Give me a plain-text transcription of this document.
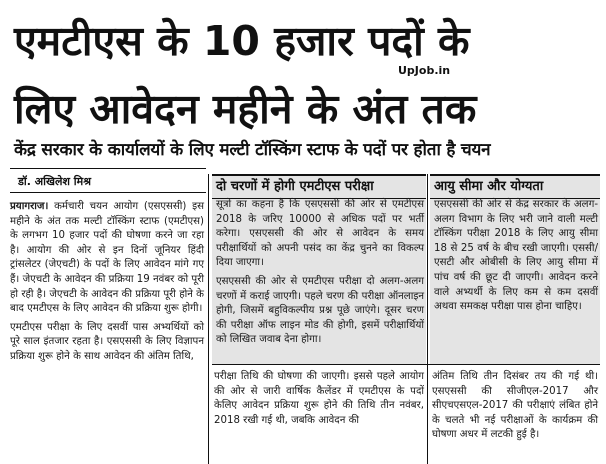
एमटीएस के 10 हजार पदों के
UpJob.in
लिए आवेदन महीने के अंत तक
केंद्र सरकार के कार्यालयों के लिए मल्टी टॉस्किंग स्टाफ के पदों पर होता है चयन
डॉ. अखिलेश मिश्र

प्रयागराज। कर्मचारी चयन आयोग (एसएससी) इस महीने के अंत तक मल्टी टॉस्किंग स्टाफ (एमटीएस) के लगभग 10 हजार पदों की घोषणा करने जा रहा है। आयोग की ओर से इन दिनों जूनियर हिंदी ट्रांसलेटर (जेएचटी) के पदों के लिए आवेदन मांगे गए हैं। जेएचटी के आवेदन की प्रक्रिया 19 नवंबर को पूरी हो रही है। जेएचटी के आवेदन की प्रक्रिया पूरी होने के बाद एमटीएस के लिए आवेदन की प्रक्रिया शुरू होगी।

एमटीएस परीक्षा के लिए दसवीं पास अभ्यर्थियों को पूरे साल इंतजार रहता है। एसएससी के लिए विज्ञापन प्रक्रिया शुरू होने के साथ आवेदन की अंतिम तिथि,

दो चरणों में होगी एमटीएस परीक्षा

सूत्रों का कहना है कि एसएससी की ओर से एमटीएस 2018 के जरिए 10000 से अधिक पदों पर भर्ती करेगा। एसएससी की ओर से आवेदन के समय परीक्षार्थियों को अपनी पसंद का केंद्र चुनने का विकल्प दिया जाएगा।

एसएससी की ओर से एमटीएस परीक्षा दो अलग-अलग चरणों में कराई जाएगी। पहले चरण की परीक्षा ऑनलाइन होगी, जिसमें बहुविकल्पीय प्रश्न पूछे जाएंगे। दूसर चरण की परीक्षा ऑफ लाइन मोड की होगी, इसमें परीक्षार्थियों को लिखित जवाब देना होगा।

आयु सीमा और योग्यता

एसएससी की ओर से केंद्र सरकार के अलग-अलग विभाग के लिए भरी जाने वाली मल्टी टॉस्किंग परीक्षा 2018 के लिए आयु सीमा 18 से 25 वर्ष के बीच रखी जाएगी। एससी/एसटी और ओबीसी के लिए आयु सीमा में पांच वर्ष की छूट दी जाएगी। आवेदन करने वाले अभ्यर्थी के लिए कम से कम दसवीं अथवा समकक्ष परीक्षा पास होना चाहिए।

परीक्षा तिथि की घोषणा की जाएगी। इससे पहले आयोग की ओर से जारी वार्षिक कैलेंडर में एमटीएस के पदों केलिए आवेदन प्रक्रिया शुरू होने की तिथि तीन नवंबर, 2018 रखी गई थी, जबकि आवेदन की
अंतिम तिथि तीन दिसंबर तय की गई थी। एसएससी की सीजीएल-2017 और सीएचएसएल-2017 की परीक्षाएं लंबित होने के चलते भी नई परीक्षाओं के कार्यक्रम की घोषणा अधर में लटकी हुई है।
